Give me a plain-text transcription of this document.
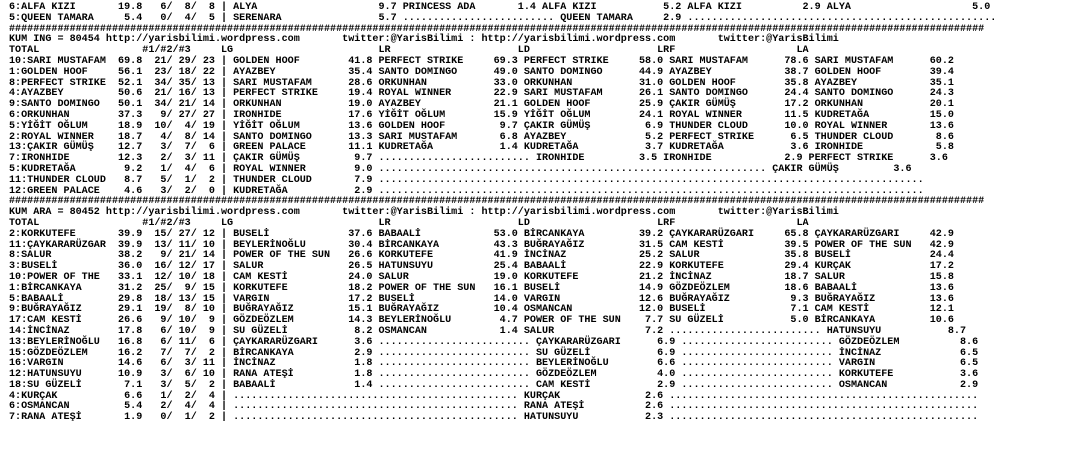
6:ALFA KIZI       19.8   6/  8/  8 | ALYA                    9.7 PRINCESS ADA       1.4 ALFA KIZI           5.2 ALFA KIZI          2.9 ALYA                    5.0
5:QUEEN TAMARA     5.4   0/  4/  5 | SERENARA                5.7 ......................... QUEEN TAMARA     2.9 ...................................................
#################################################################################################################################################################
KUM ING = 80454 http://yarisbilimi.wordpress.com       twitter:@YarisBilimi : http://yarisbilimi.wordpress.com       twitter:@YarisBilimi
TOTAL                 #1/#2/#3     LG                        LR                     LD                     LRF                    LA
10:SARI MUSTAFAM  69.8  21/ 29/ 23 | GOLDEN HOOF        41.8 PERFECT STRIKE     69.3 PERFECT STRIKE     58.0 SARI MUSTAFAM      78.6 SARI MUSTAFAM      60.2
1:GOLDEN HOOF     56.1  23/ 18/ 22 | AYAZBEY            35.4 SANTO DOMINGO      49.0 SANTO DOMINGO      44.9 AYAZBEY            38.7 GOLDEN HOOF        39.4
8:PERFECT STRIKE  52.1  34/ 35/ 13 | SARI MUSTAFAM      28.6 ORKUNHAN           33.0 ORKUNHAN           31.0 GOLDEN HOOF        35.8 AYAZBEY            35.1
4:AYAZBEY         50.6  21/ 16/ 13 | PERFECT STRIKE     19.4 ROYAL WINNER       22.9 SARI MUSTAFAM      26.1 SANTO DOMINGO      24.4 SANTO DOMINGO      24.3
9:SANTO DOMINGO   50.1  34/ 21/ 14 | ORKUNHAN           19.0 AYAZBEY            21.1 GOLDEN HOOF        25.9 ÇAKIR GÜMÜŞ        17.2 ORKUNHAN           20.1
6:ORKUNHAN        37.3   9/ 27/ 27 | IRONHIDE           17.6 YİĞİT OĞLUM        15.9 YİĞİT OĞLUM        24.1 ROYAL WINNER       11.5 KUDRETAĞA          15.0
5:YİĞİT OĞLUM     18.9  10/  4/ 19 | YİĞİT OĞLUM        13.6 GOLDEN HOOF         9.7 ÇAKIR GÜMÜŞ         6.9 THUNDER CLOUD      10.0 ROYAL WINNER       13.6
2:ROYAL WINNER    18.7   4/  8/ 14 | SANTO DOMINGO      13.3 SARI MUSTAFAM       6.8 AYAZBEY             5.2 PERFECT STRIKE      6.5 THUNDER CLOUD       8.6
13:ÇAKIR GÜMÜŞ    12.7   3/  7/  6 | GREEN PALACE       11.1 KUDRETAĞA           1.4 KUDRETAĞA           3.7 KUDRETAĞA           3.6 IRONHIDE            5.8
7:IRONHIDE        12.3   2/  3/ 11 | ÇAKIR GÜMÜŞ         9.7 ......................... IRONHIDE         3.5 IRONHIDE            2.9 PERFECT STRIKE      3.6
5:KUDRETAĞA        9.2   1/  4/  6 | ROYAL WINNER        9.0 ................................................................ ÇAKIR GÜMÜŞ         3.6
11:THUNDER CLOUD   8.7   5/  1/  2 | THUNDER CLOUD       7.9 ..........................................................................................
12:GREEN PALACE    4.6   3/  2/  0 | KUDRETAĞA           2.9 ..........................................................................................
#################################################################################################################################################################
KUM ARA = 80452 http://yarisbilimi.wordpress.com       twitter:@YarisBilimi : http://yarisbilimi.wordpress.com       twitter:@YarisBilimi
TOTAL                 #1/#2/#3     LG                        LR                     LD                     LRF                    LA
2:KORKUTEFE       39.9  15/ 27/ 12 | BUSELİ             37.6 BABAALİ            53.0 BİRCANKAYA         39.2 ÇAYKARARÜZGARI     65.8 ÇAYKARARÜZGARI     42.9
11:ÇAYKARARÜZGAR  39.9  13/ 11/ 10 | BEYLERİNOĞLU       30.4 BİRCANKAYA         43.3 BUĞRAYAĞIZ         31.5 CAM KESTİ          39.5 POWER OF THE SUN   42.9
8:SALUR           38.2   9/ 21/ 14 | POWER OF THE SUN   26.6 KORKUTEFE          41.9 İNCİNAZ            25.2 SALUR              35.8 BUSELİ             24.4
3:BUSELİ          36.0  16/ 12/ 17 | SALUR              26.5 HATUNSUYU          25.4 BABAALİ            22.9 KORKUTEFE          29.4 KURÇAK             17.2
10:POWER OF THE   33.1  12/ 10/ 18 | CAM KESTİ          24.0 SALUR              19.0 KORKUTEFE          21.2 İNCİNAZ            18.7 SALUR              15.8
1:BİRCANKAYA      31.2  25/  9/ 15 | KORKUTEFE          18.2 POWER OF THE SUN   16.1 BUSELİ             14.9 GÖZDEÖZLEM         18.6 BABAALİ            13.6
5:BABAALİ         29.8  18/ 13/ 15 | VARGIN             17.2 BUSELİ             14.0 VARGIN             12.6 BUĞRAYAĞIZ          9.3 BUĞRAYAĞIZ         13.6
9:BUĞRAYAĞIZ      29.1  19/  8/ 10 | BUĞRAYAĞIZ         15.1 BUĞRAYAĞIZ         10.4 OSMANCAN           12.0 BUSELİ              7.1 CAM KESTİ          12.1
17:CAM KESTİ      26.6   9/ 10/  9 | GÖZDEÖZLEM         14.3 BEYLERİNOĞLU        4.7 POWER OF THE SUN    7.7 SU GÜZELİ           5.0 BİRCANKAYA         10.6
14:İNCİNAZ        17.8   6/ 10/  9 | SU GÜZELİ           8.2 OSMANCAN            1.4 SALUR               7.2 ......................... HATUNSUYU           8.7
13:BEYLERİNOĞLU   16.8   6/ 11/  6 | ÇAYKARARÜZGARI      3.6 ......................... ÇAYKARARÜZGARI      6.9 ......................... GÖZDEÖZLEM          8.6
15:GÖZDEÖZLEM     16.2   7/  7/  2 | BİRCANKAYA          2.9 ......................... SU GÜZELİ           6.9 ......................... İNCİNAZ             6.5
16:VARGIN         14.6   6/  3/ 11 | İNCİNAZ             1.8 ......................... BEYLERİNOĞLU        6.6 ......................... VARGIN              6.5
12:HATUNSUYU      10.9   3/  6/ 10 | RANA ATEŞİ          1.8 ......................... GÖZDEÖZLEM          4.0 ......................... KORKUTEFE           3.6
18:SU GÜZELİ       7.1   3/  5/  2 | BABAALİ             1.4 ......................... CAM KESTİ           2.9 ......................... OSMANCAN            2.9
4:KURÇAK           6.6   1/  2/  4 | ............................................... KURÇAK              2.6 ...................................................
6:OSMANCAN         5.4   2/  4/  4 | ............................................... RANA ATEŞİ          2.6 ...................................................
7:RANA ATEŞİ       1.9   0/  1/  2 | ............................................... HATUNSUYU           2.3 ...................................................
